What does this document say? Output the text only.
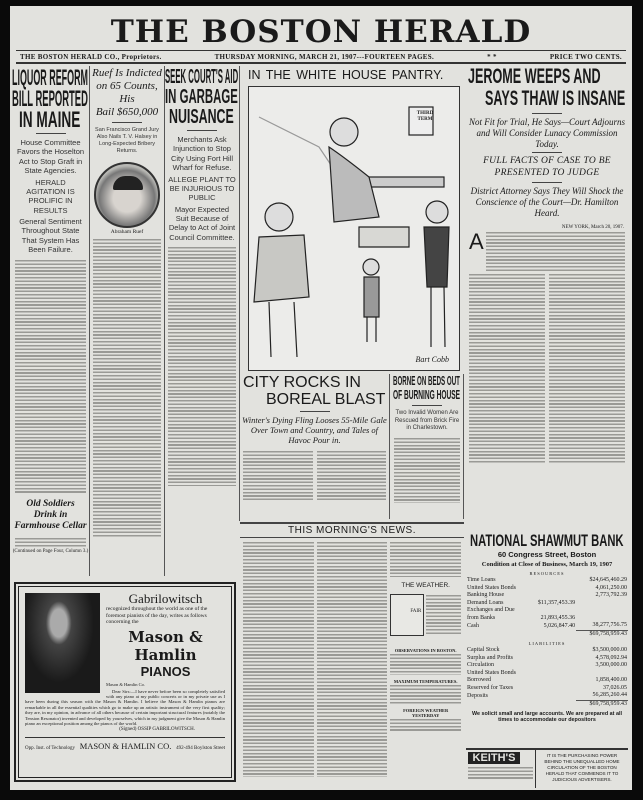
THE BOSTON HERALD
THE BOSTON HERALD CO., Proprietors.	THURSDAY MORNING, MARCH 21, 1907---FOURTEEN PAGES.	* *	PRICE TWO CENTS.
LIQUOR REFORM
BILL REPORTED
IN MAINE
House Committee Favors the Hoselton Act to Stop Graft in State Agencies.
HERALD AGITATION IS PROLIFIC IN RESULTS
General Sentiment Throughout State That System Has Been Failure.
Old Soldiers Drink in Farmhouse Cellar
(Continued on Page Four, Column 3.)
Ruef Is Indicted
on 65 Counts, His
Bail $650,000
San Francisco Grand Jury Also Nails T. V. Halsey in Long-Expected Bribery Returns.
Abraham Ruef
SEEK COURT'S AID
IN GARBAGE
NUISANCE
Merchants Ask Injunction to Stop City Using Fort Hill Wharf for Refuse.
ALLEGE PLANT TO BE INJURIOUS TO PUBLIC
Mayor Expected Suit Because of Delay to Act of Joint Council Committee.
IN THE WHITE HOUSE PANTRY.
THIRD TERM
Bart Cobb
CITY ROCKS IN
BOREAL BLAST
Winter's Dying Fling Looses 55-Mile Gale Over Town and Country, and Tales of Havoc Pour in.
BORNE ON BEDS OUT
OF BURNING HOUSE
Two Invalid Women Are Rescued from Brick Fire in Charlestown.
JEROME WEEPS AND
SAYS THAW IS INSANE
Not Fit for Trial, He Says—Court Adjourns and Will Consider Lunacy Commission Today.
FULL FACTS OF CASE TO BE PRESENTED TO JUDGE
District Attorney Says They Will Shock the Conscience of the Court—Dr. Hamilton Heard.
NEW YORK, March 20, 1907.
A
THIS MORNING'S NEWS.
THE WEATHER.
FAIR
OBSERVATIONS IN BOSTON.
MAXIMUM TEMPERATURES.
FOREIGN WEATHER YESTERDAY
Gabrilowitsch
recognized throughout the world as one of the foremost pianists of the day, writes as follows concerning the
Mason & Hamlin
PIANOS
Mason & Hamlin Co.
Dear Sirs:—I have never before been so completely satisfied with any piano at my public concerts or in my private use as I have been during this season with the Mason & Hamlin. I believe the Mason & Hamlin pianos are remarkable in all the essential qualities which go to make up an artistic instrument of the very first quality; they are, in my opinion, in advance of all others because of certain important structural features (notably the Tension Resonator) invented and developed by yourselves, which in my judgment give the Mason & Hamlin piano an exceptional position among the pianos of the world.
(Signed) OSSIP GABRILOWITSCH.
Opp. Inst. of Technology MASON & HAMLIN CO. 492-494 Boylston Street
NATIONAL SHAWMUT BANK
60 Congress Street, Boston
Condition at Close of Business, March 19, 1907
RESOURCES
Time Loans		$24,645,460.29
United States Bonds		4,061,250.00
Banking House		2,773,792.39
Demand Loans	$11,357,453.39	
Exchanges and Due from Banks	21,893,455.36	
Cash	5,026,847.40	38,277,756.75
		$69,758,959.43
LIABILITIES
Capital Stock		$3,500,000.00
Surplus and Profits		4,578,092.94
Circulation		3,500,000.00
United States Bonds Borrowed		1,858,400.00
Reserved for Taxes		37,026.05
Deposits		56,285,260.44
		$69,758,959.43
We solicit small and large accounts. We are prepared at all times to accommodate our depositors
KEITH'S	IT IS THE PURCHASING POWER BEHIND THE UNEQUALLED HOME CIRCULATION OF THE BOSTON HERALD THAT COMMENDS IT TO JUDICIOUS ADVERTISERS.
